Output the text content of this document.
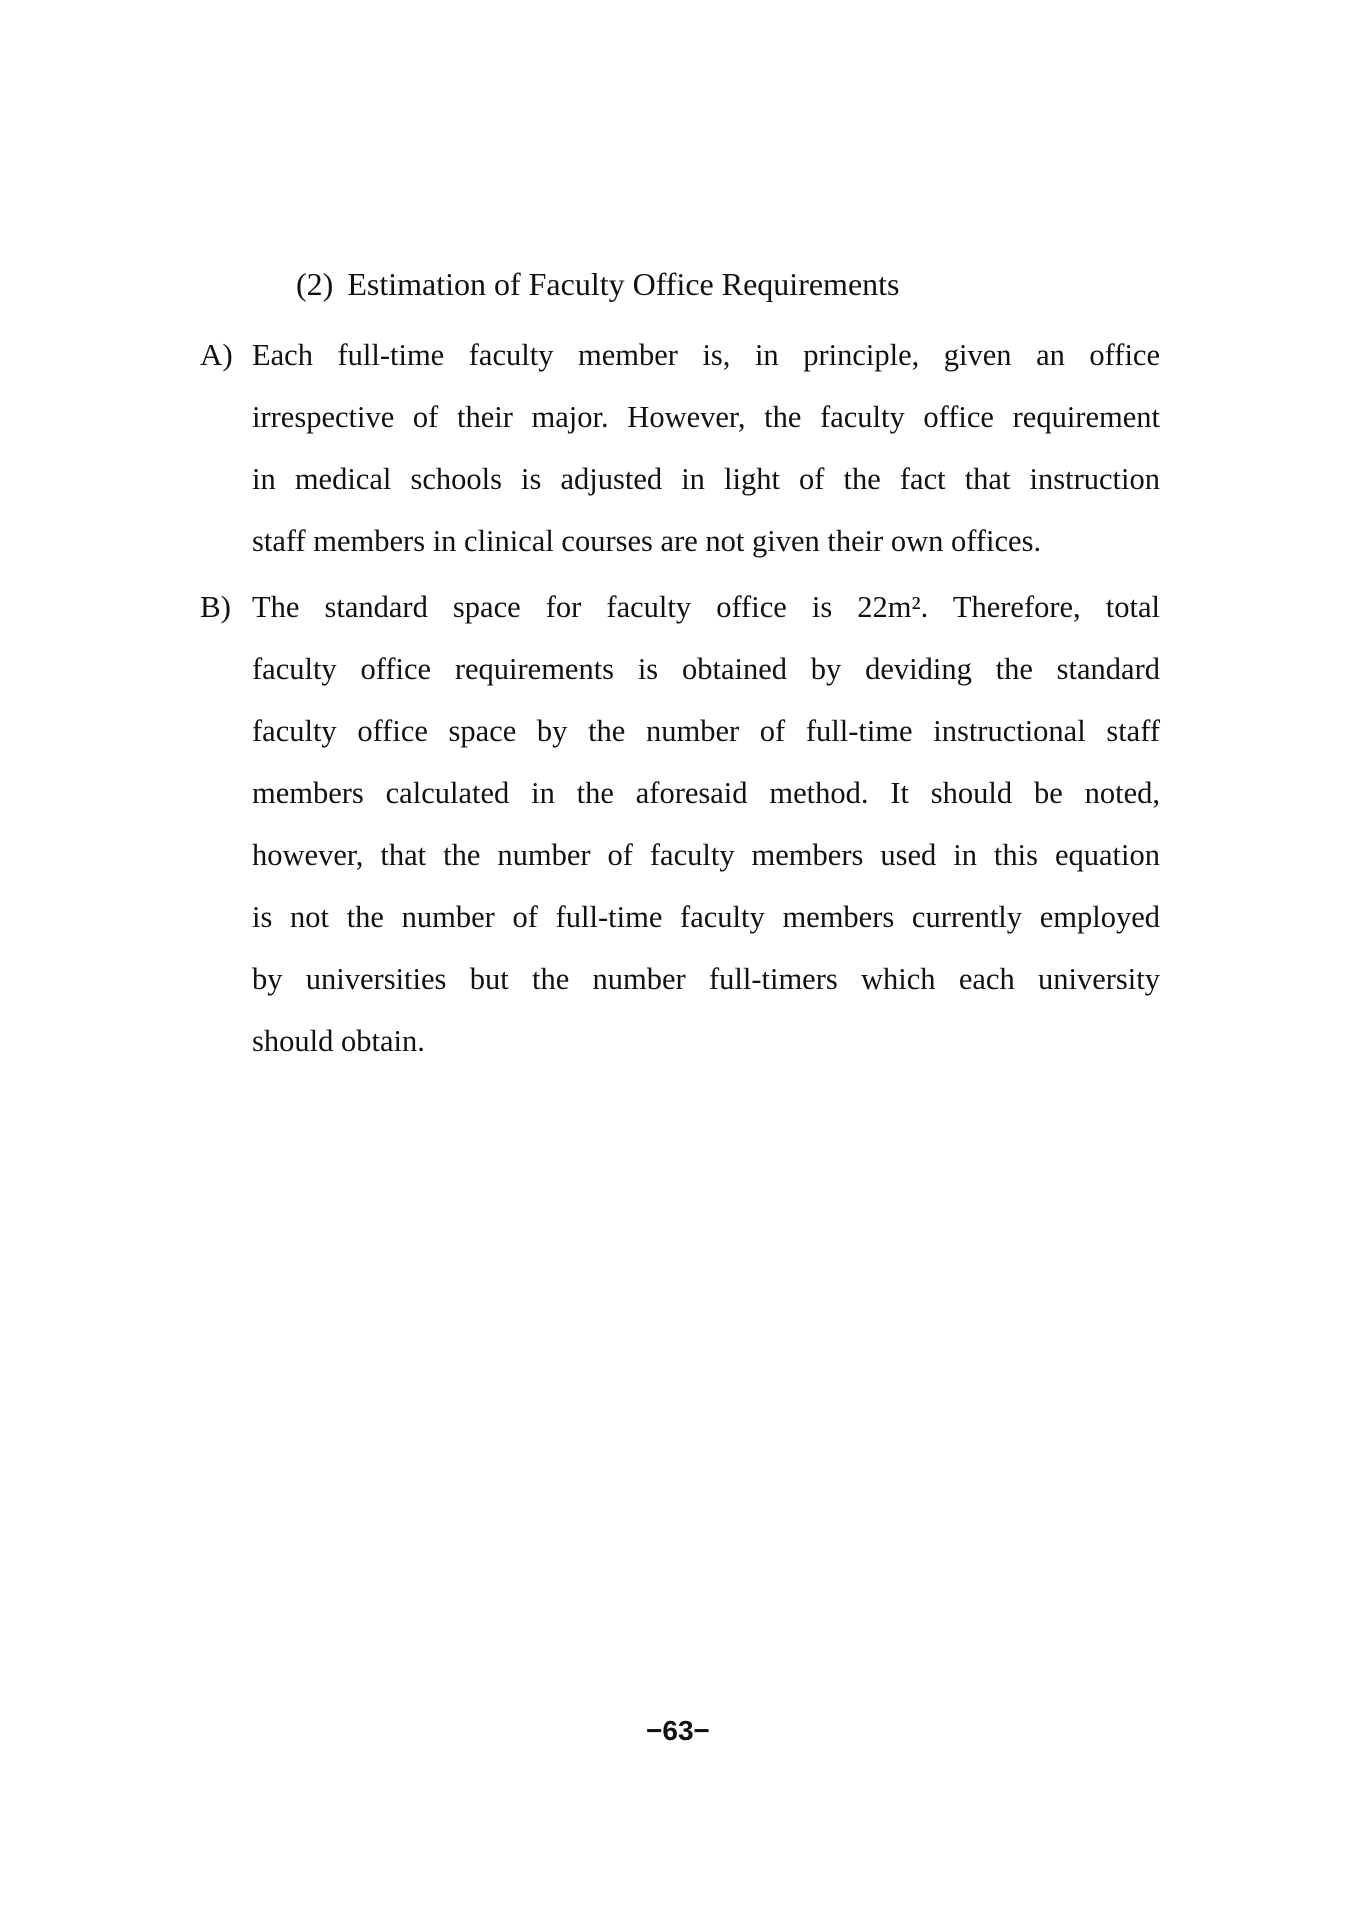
(2) Estimation of Faculty Office Requirements
A) Each full-time faculty member is, in principle, given an office
irrespective of their major. However, the faculty office requirement
in medical schools is adjusted in light of the fact that instruction
staff members in clinical courses are not given their own offices.
B) The standard space for faculty office is 22m². Therefore, total
faculty office requirements is obtained by deviding the standard
faculty office space by the number of full-time instructional staff
members calculated in the aforesaid method. It should be noted,
however, that the number of faculty members used in this equation
is not the number of full-time faculty members currently employed
by universities but the number full-timers which each university
should obtain.
−63−
